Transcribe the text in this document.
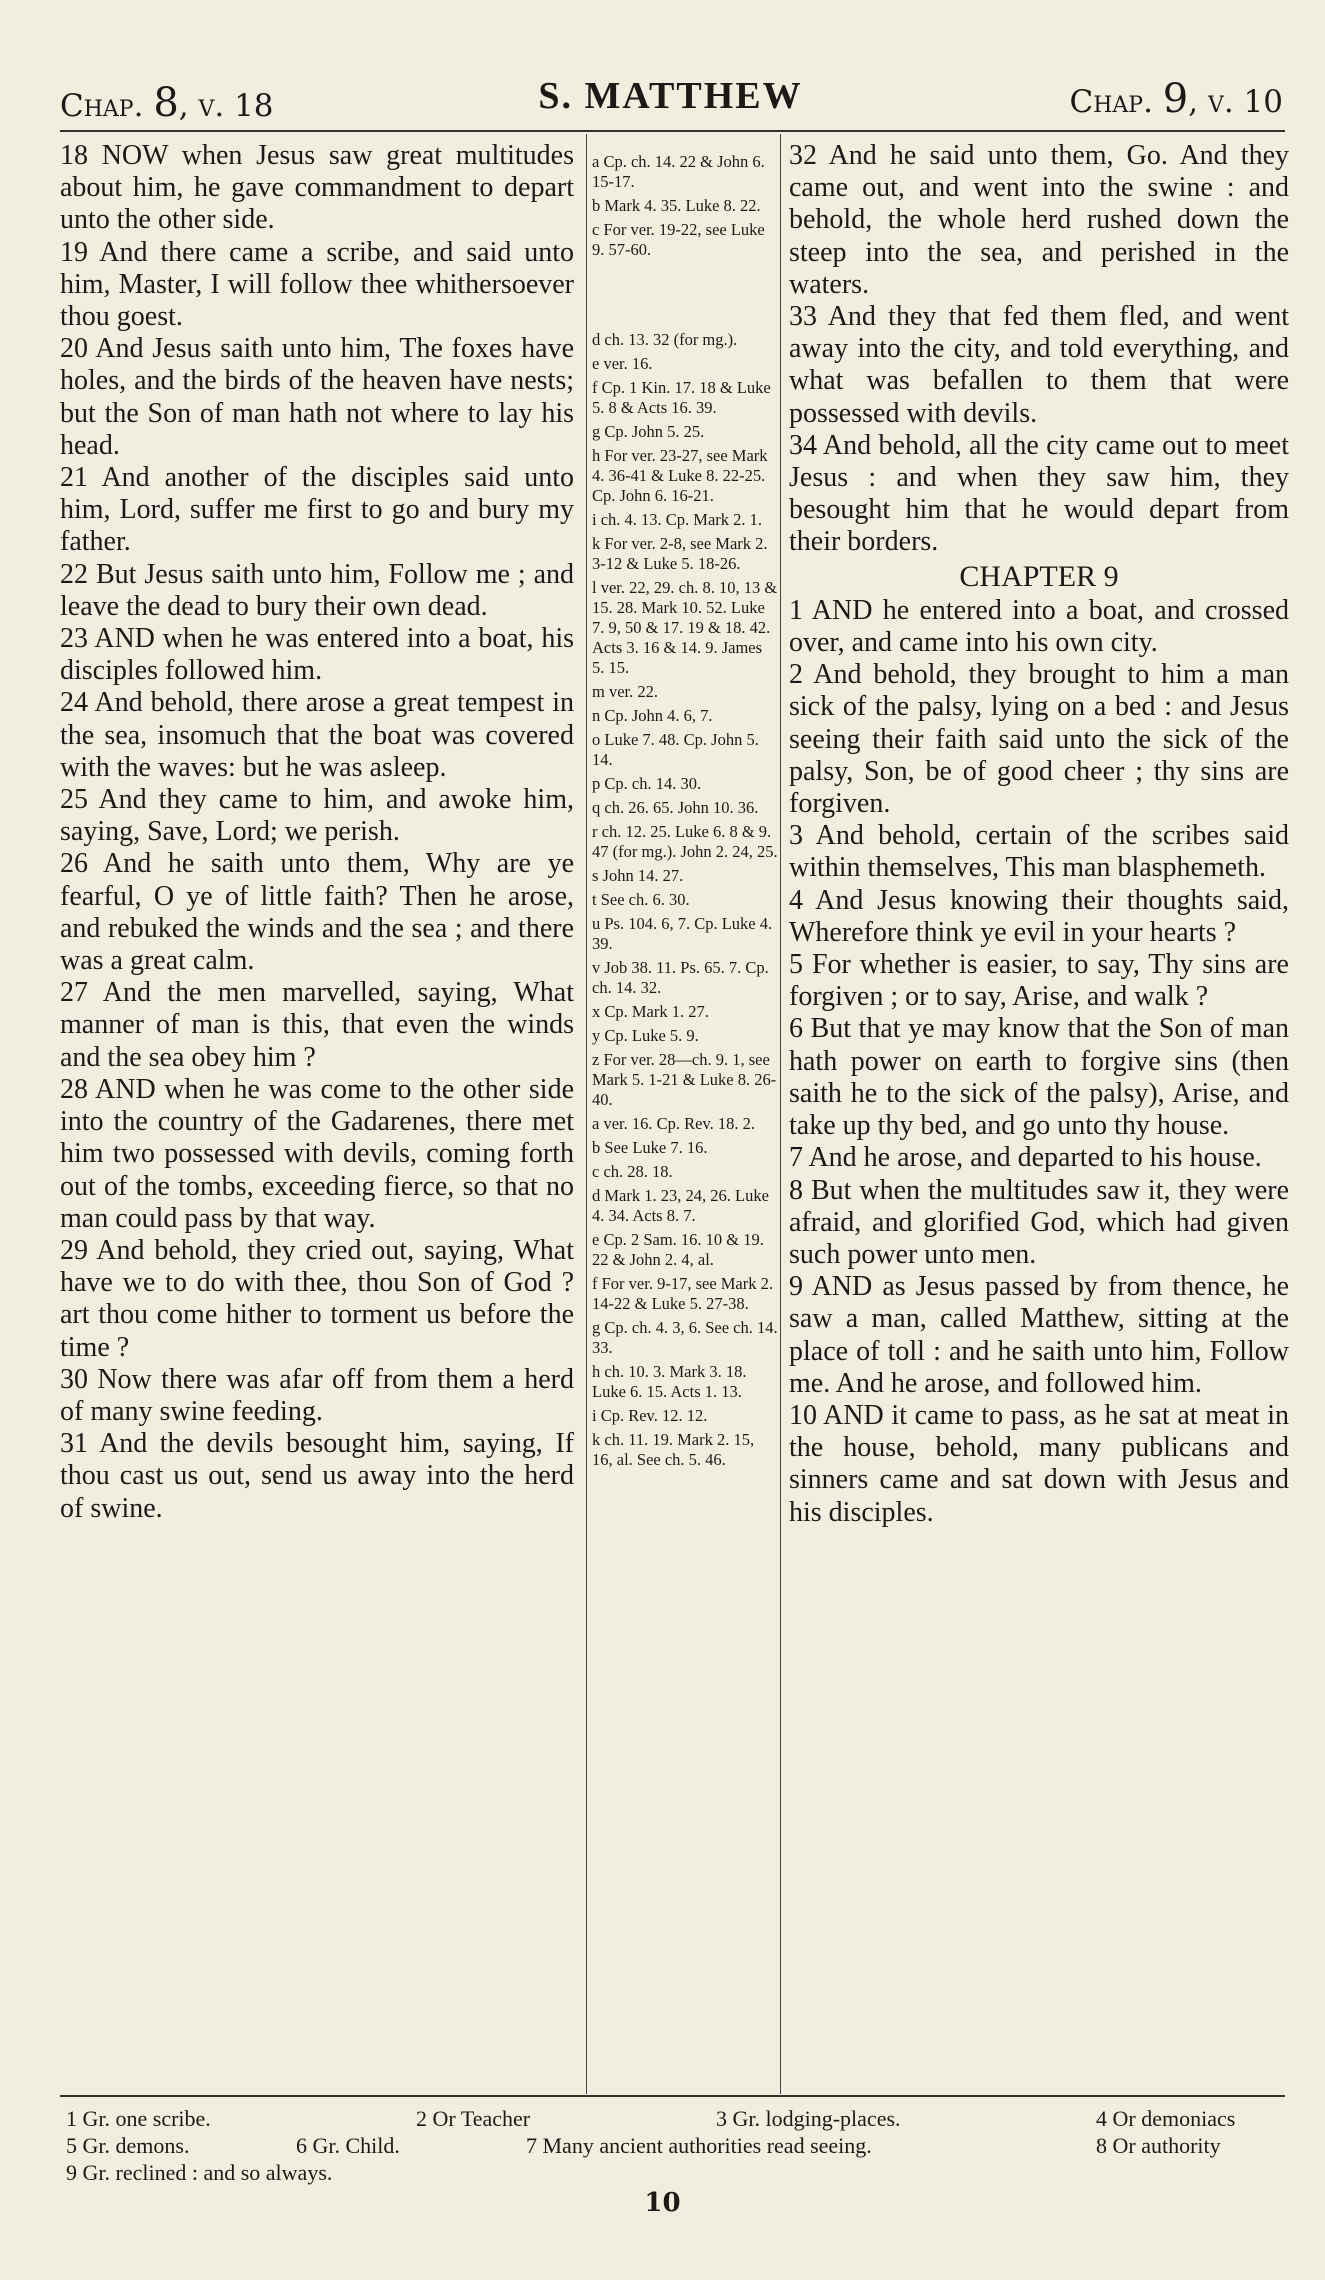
Chap. 8, v. 18	S. MATTHEW	Chap. 9, v. 10

18 NOW when Jesus saw great multitudes about him, he gave commandment to depart unto the other side.

19 And there came a scribe, and said unto him, Master, I will follow thee whithersoever thou goest.

20 And Jesus saith unto him, The foxes have holes, and the birds of the heaven have nests; but the Son of man hath not where to lay his head.

21 And another of the disciples said unto him, Lord, suffer me first to go and bury my father.

22 But Jesus saith unto him, Follow me ; and leave the dead to bury their own dead.

23 AND when he was entered into a boat, his disciples followed him.

24 And behold, there arose a great tempest in the sea, insomuch that the boat was covered with the waves: but he was asleep.

25 And they came to him, and awoke him, saying, Save, Lord; we perish.

26 And he saith unto them, Why are ye fearful, O ye of little faith? Then he arose, and rebuked the winds and the sea ; and there was a great calm.

27 And the men marvelled, saying, What manner of man is this, that even the winds and the sea obey him ?

28 AND when he was come to the other side into the country of the Gadarenes, there met him two possessed with devils, coming forth out of the tombs, exceeding fierce, so that no man could pass by that way.

29 And behold, they cried out, saying, What have we to do with thee, thou Son of God ? art thou come hither to torment us before the time ?

30 Now there was afar off from them a herd of many swine feeding.

31 And the devils besought him, saying, If thou cast us out, send us away into the herd of swine.

a Cp. ch. 14. 22 & John 6. 15-17.
b Mark 4. 35. Luke 8. 22.
c For ver. 19-22, see Luke 9. 57-60.
d ch. 13. 32 (for mg.).
e ver. 16.
f Cp. 1 Kin. 17. 18 & Luke 5. 8 & Acts 16. 39.
g Cp. John 5. 25.
h For ver. 23-27, see Mark 4. 36-41 & Luke 8. 22-25. Cp. John 6. 16-21.
i ch. 4. 13. Cp. Mark 2. 1.
k For ver. 2-8, see Mark 2. 3-12 & Luke 5. 18-26.
l ver. 22, 29. ch. 8. 10, 13 & 15. 28. Mark 10. 52. Luke 7. 9, 50 & 17. 19 & 18. 42. Acts 3. 16 & 14. 9. James 5. 15.
m ver. 22.
n Cp. John 4. 6, 7.
o Luke 7. 48. Cp. John 5. 14.
p Cp. ch. 14. 30.
q ch. 26. 65. John 10. 36.
r ch. 12. 25. Luke 6. 8 & 9. 47 (for mg.). John 2. 24, 25.
s John 14. 27.
t See ch. 6. 30.
u Ps. 104. 6, 7. Cp. Luke 4. 39.
v Job 38. 11. Ps. 65. 7. Cp. ch. 14. 32.
x Cp. Mark 1. 27.
y Cp. Luke 5. 9.
z For ver. 28—ch. 9. 1, see Mark 5. 1-21 & Luke 8. 26-40.
a ver. 16. Cp. Rev. 18. 2.
b See Luke 7. 16.
c ch. 28. 18.
d Mark 1. 23, 24, 26. Luke 4. 34. Acts 8. 7.
e Cp. 2 Sam. 16. 10 & 19. 22 & John 2. 4, al.
f For ver. 9-17, see Mark 2. 14-22 & Luke 5. 27-38.
g Cp. ch. 4. 3, 6. See ch. 14. 33.
h ch. 10. 3. Mark 3. 18. Luke 6. 15. Acts 1. 13.
i Cp. Rev. 12. 12.
k ch. 11. 19. Mark 2. 15, 16, al. See ch. 5. 46.

32 And he said unto them, Go. And they came out, and went into the swine : and behold, the whole herd rushed down the steep into the sea, and perished in the waters.

33 And they that fed them fled, and went away into the city, and told everything, and what was befallen to them that were possessed with devils.

34 And behold, all the city came out to meet Jesus : and when they saw him, they besought him that he would depart from their borders.

CHAPTER 9

1 AND he entered into a boat, and crossed over, and came into his own city.

2 And behold, they brought to him a man sick of the palsy, lying on a bed : and Jesus seeing their faith said unto the sick of the palsy, Son, be of good cheer ; thy sins are forgiven.

3 And behold, certain of the scribes said within themselves, This man blasphemeth.

4 And Jesus knowing their thoughts said, Wherefore think ye evil in your hearts ?

5 For whether is easier, to say, Thy sins are forgiven ; or to say, Arise, and walk ?

6 But that ye may know that the Son of man hath power on earth to forgive sins (then saith he to the sick of the palsy), Arise, and take up thy bed, and go unto thy house.

7 And he arose, and departed to his house.

8 But when the multitudes saw it, they were afraid, and glorified God, which had given such power unto men.

9 AND as Jesus passed by from thence, he saw a man, called Matthew, sitting at the place of toll : and he saith unto him, Follow me. And he arose, and followed him.

10 AND it came to pass, as he sat at meat in the house, behold, many publicans and sinners came and sat down with Jesus and his disciples.

1 Gr. one scribe.	2 Or Teacher	3 Gr. lodging-places.	4 Or demoniacs
5 Gr. demons.	6 Gr. Child.	7 Many ancient authorities read seeing.	8 Or authority
9 Gr. reclined : and so always.
10
